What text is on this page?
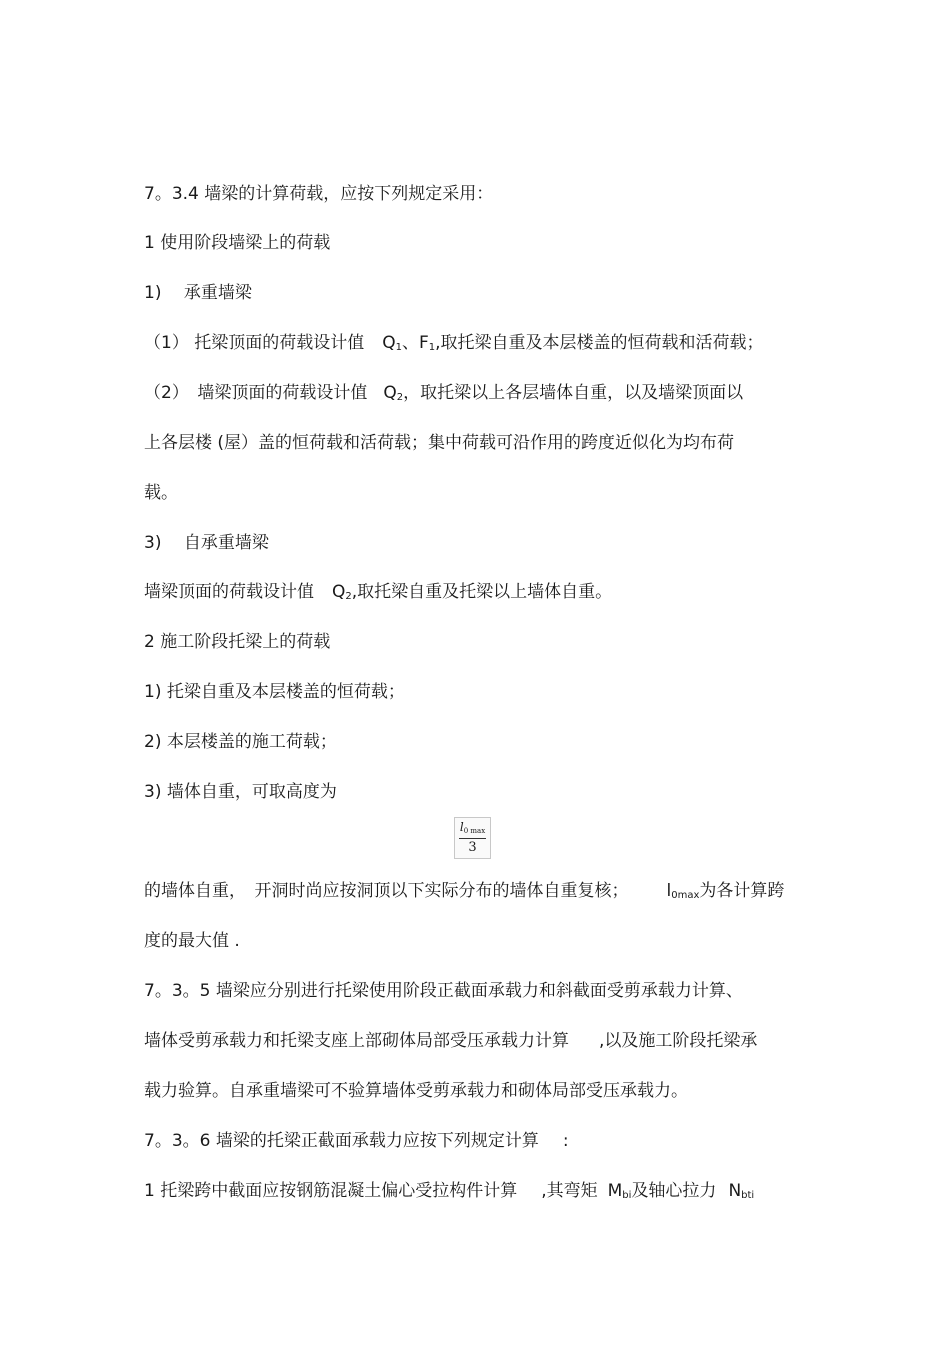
7。3.4 墙梁的计算荷载，应按下列规定采用：
1 使用阶段墙梁上的荷载
1)　 承重墙梁
（1） 托梁顶面的荷载设计值 $Q_1$、$F_1$,取托梁自重及本层楼盖的恒荷载和活荷载；
（2）　墙梁顶面的荷载设计值 $Q_2$，取托梁以上各层墙体自重，以及墙梁顶面以
上各层楼 (屋）盖的恒荷载和活荷载；集中荷载可沿作用的跨度近似化为均布荷
载。
3)　 自承重墙梁
墙梁顶面的荷载设计值 $Q_2$,取托梁自重及托梁以上墙体自重。
2 施工阶段托梁上的荷载
1) 托梁自重及本层楼盖的恒荷载；
2) 本层楼盖的施工荷载；
3) 墙体自重，可取高度为
$l_{0 max}$
3
的墙体自重，　开洞时尚应按洞顶以下实际分布的墙体自重复核； $l_{0max}$为各计算跨
度的最大值 .
7。3。5 墙梁应分别进行托梁使用阶段正截面承载力和斜截面受剪承载力计算、
墙体受剪承载力和托梁支座上部砌体局部受压承载力计算 ,以及施工阶段托梁承
载力验算。自承重墙梁可不验算墙体受剪承载力和砌体局部受压承载力。
7。3。6 墙梁的托梁正截面承载力应按下列规定计算 :
1 托梁跨中截面应按钢筋混凝土偏心受拉构件计算 ,其弯矩 $M_{bi}$及轴心拉力 $N_{bti}$
